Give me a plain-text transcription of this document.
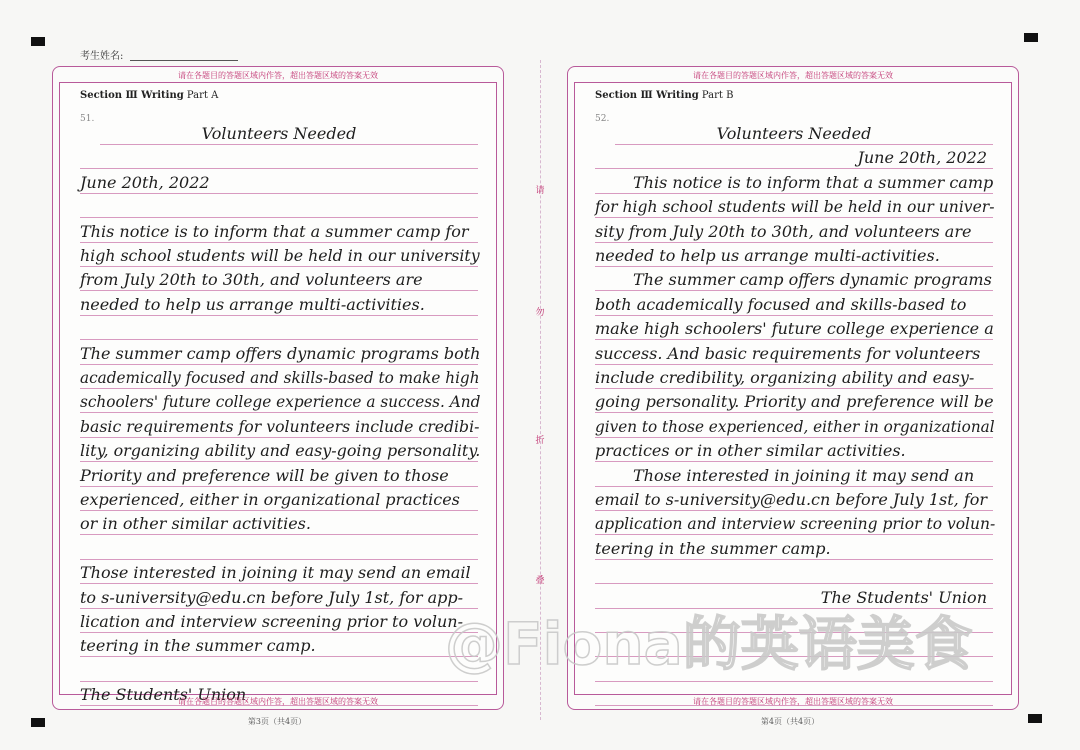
考生姓名:
请
勿
折
叠
请在各题目的答题区域内作答，超出答题区域的答案无效
Section Ⅲ Writing Part A
51.
Volunteers Needed
June 20th, 2022
This notice is to inform that a summer camp for
high school students will be held in our university
from July 20th to 30th, and volunteers are
needed to help us arrange multi-activities.
The summer camp offers dynamic programs both
academically focused and skills-based to make high
schoolers' future college experience a success. And
basic requirements for volunteers include credibi-
lity, organizing ability and easy-going personality.
Priority and preference will be given to those
experienced, either in organizational practices
or in other similar activities.
Those interested in joining it may send an email
to s-university@edu.cn before July 1st, for app-
lication and interview screening prior to volun-
teering in the summer camp.
The Students' Union
请在各题目的答题区域内作答，超出答题区域的答案无效
请在各题目的答题区域内作答，超出答题区域的答案无效
Section Ⅲ Writing Part B
52.
Volunteers Needed
June 20th, 2022
This notice is to inform that a summer camp
for high school students will be held in our univer-
sity from July 20th to 30th, and volunteers are
needed to help us arrange multi-activities.
The summer camp offers dynamic programs
both academically focused and skills-based to
make high schoolers' future college experience a
success. And basic requirements for volunteers
include credibility, organizing ability and easy-
going personality. Priority and preference will be
given to those experienced, either in organizational
practices or in other similar activities.
Those interested in joining it may send an
email to s-university@edu.cn before July 1st, for
application and interview screening prior to volun-
teering in the summer camp.
The Students' Union
请在各题目的答题区域内作答，超出答题区域的答案无效
第3页（共4页）	第4页（共4页）
@Fiona的英语美食
